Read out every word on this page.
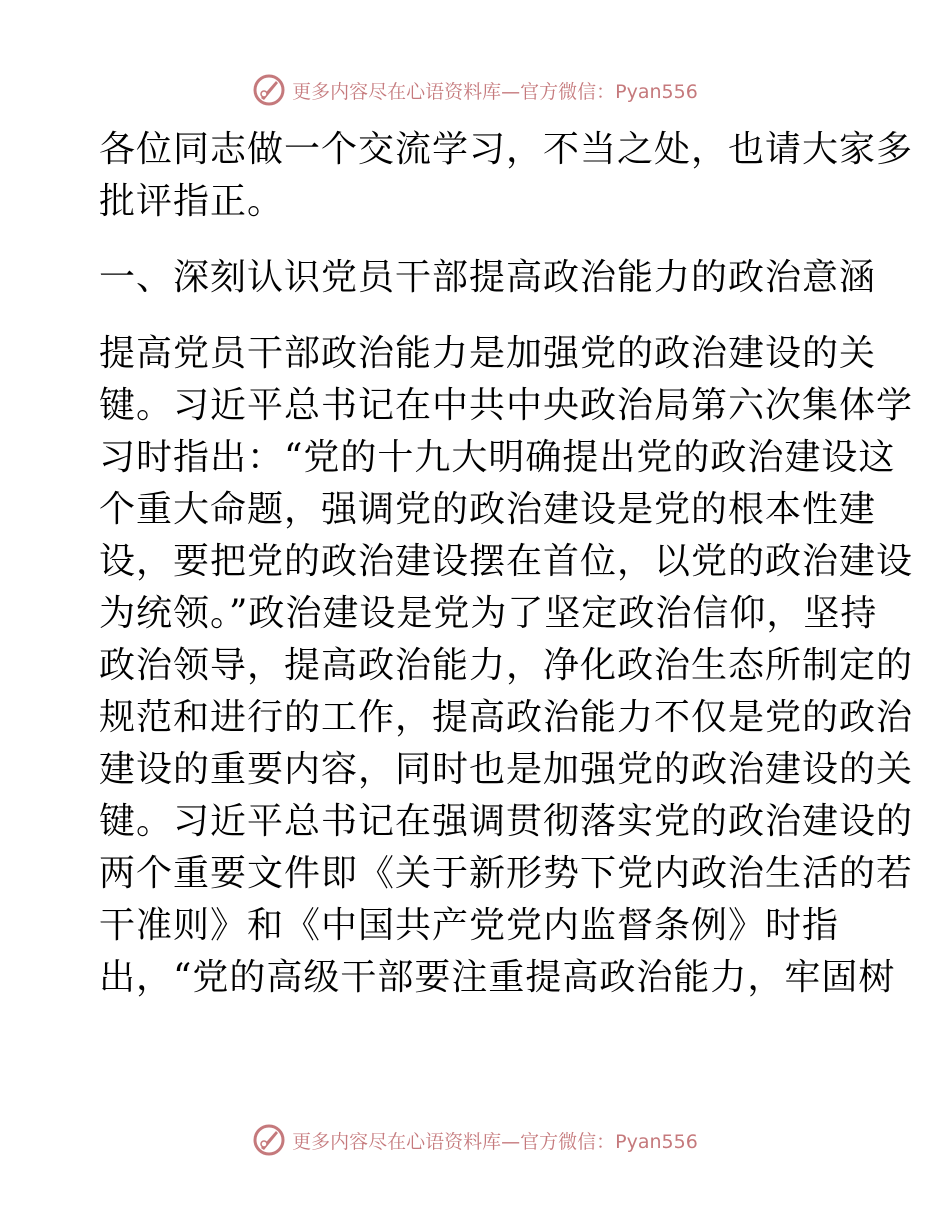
更多内容尽在心语资料库—官方微信：Pyan556
各位同志做一个交流学习，不当之处，也请大家多
批评指正。
一、深刻认识党员干部提高政治能力的政治意涵
提高党员干部政治能力是加强党的政治建设的关
键。习近平总书记在中共中央政治局第六次集体学
习时指出：“党的十九大明确提出党的政治建设这
个重大命题，强调党的政治建设是党的根本性建
设，要把党的政治建设摆在首位，以党的政治建设
为统领。”政治建设是党为了坚定政治信仰，坚持
政治领导，提高政治能力，净化政治生态所制定的
规范和进行的工作，提高政治能力不仅是党的政治
建设的重要内容，同时也是加强党的政治建设的关
键。习近平总书记在强调贯彻落实党的政治建设的
两个重要文件即《关于新形势下党内政治生活的若
干准则》和《中国共产党党内监督条例》时指
出，“党的高级干部要注重提高政治能力，牢固树
更多内容尽在心语资料库—官方微信：Pyan556
